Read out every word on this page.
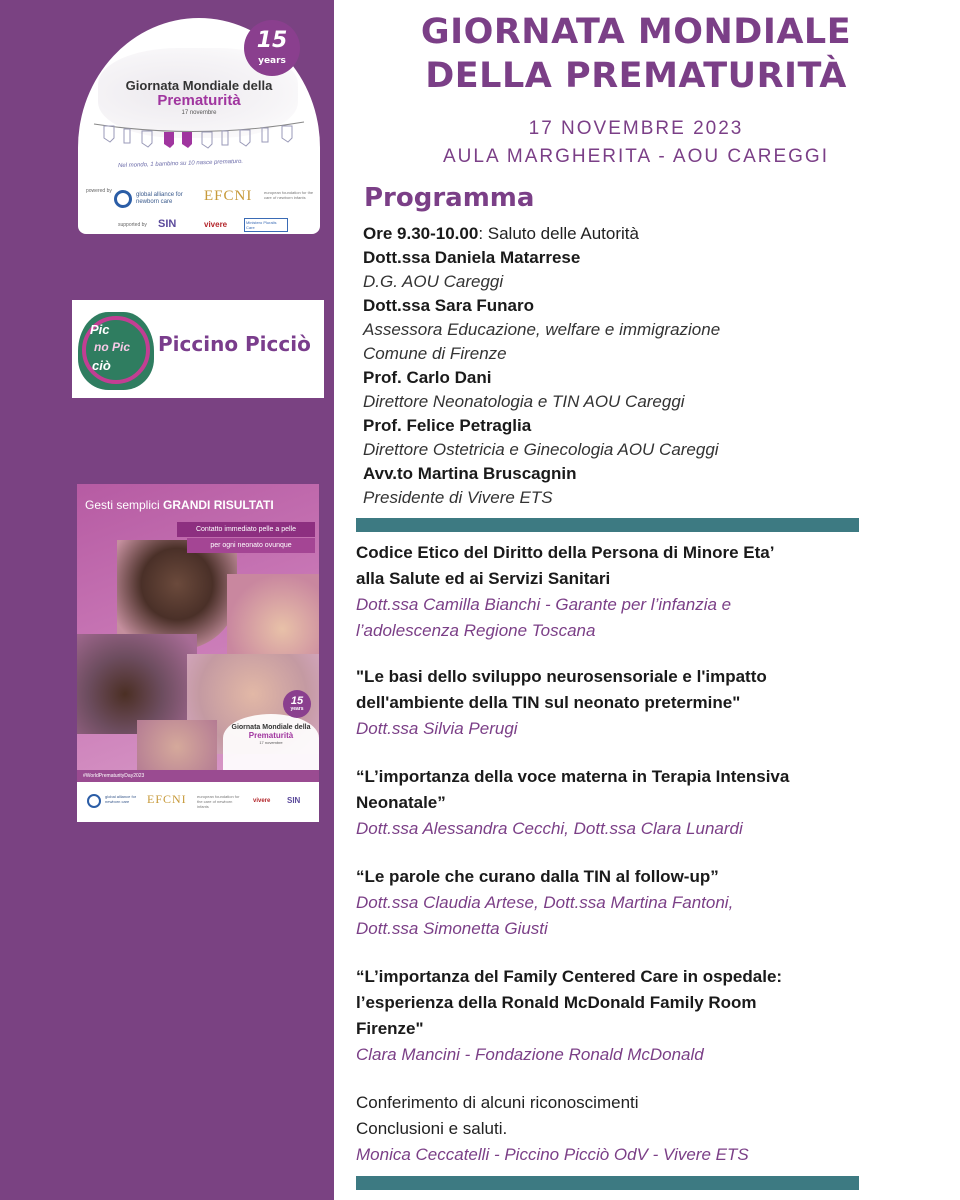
Giornata Mondiale della
Prematurità
17 novembre
Nel mondo, 1 bambino su 10 nasce prematuro.
powered by
global alliance for newborn care	EFCNI	european foundation for the care of newborn infants
supported by SIN	vivere	Ministero Pluralis Care
15
years
Pic
no Pic
ciò
Piccino Picciò
Gesti semplici GRANDI RISULTATI
Contatto immediato pelle a pelle
per ogni neonato ovunque
Giornata Mondiale della
Prematurità
17 novembre
15
years
#WorldPrematurityDay2023
global alliance for newborn care	EFCNI	european foundation for the care of newborn infants
vivere SIN
GIORNATA MONDIALE
DELLA PREMATURITÀ
17 NOVEMBRE 2023
AULA MARGHERITA - AOU CAREGGI
Programma
Ore 9.30-10.00: Saluto delle Autorità
Dott.ssa Daniela Matarrese
D.G. AOU Careggi
Dott.ssa Sara Funaro
Assessora Educazione, welfare e immigrazione
Comune di Firenze
Prof. Carlo Dani
Direttore Neonatologia e TIN AOU Careggi
Prof. Felice Petraglia
Direttore Ostetricia e Ginecologia AOU Careggi
Avv.to Martina Bruscagnin
Presidente di Vivere ETS
Codice Etico del Diritto della Persona di Minore Eta’
alla Salute ed ai Servizi Sanitari
Dott.ssa Camilla Bianchi - Garante per l’infanzia e
l’adolescenza Regione Toscana
"Le basi dello sviluppo neurosensoriale e l'impatto
dell'ambiente della TIN sul neonato pretermine"
Dott.ssa Silvia Perugi
“L’importanza della voce materna in Terapia Intensiva
Neonatale”
Dott.ssa Alessandra Cecchi, Dott.ssa Clara Lunardi
“Le parole che curano dalla TIN al follow-up”
Dott.ssa Claudia Artese, Dott.ssa Martina Fantoni,
Dott.ssa Simonetta Giusti
“L’importanza del Family Centered Care in ospedale:
l’esperienza della Ronald McDonald Family Room
Firenze"
Clara Mancini - Fondazione Ronald McDonald
Conferimento di alcuni riconoscimenti
Conclusioni e saluti.
Monica Ceccatelli - Piccino Picciò OdV - Vivere ETS
